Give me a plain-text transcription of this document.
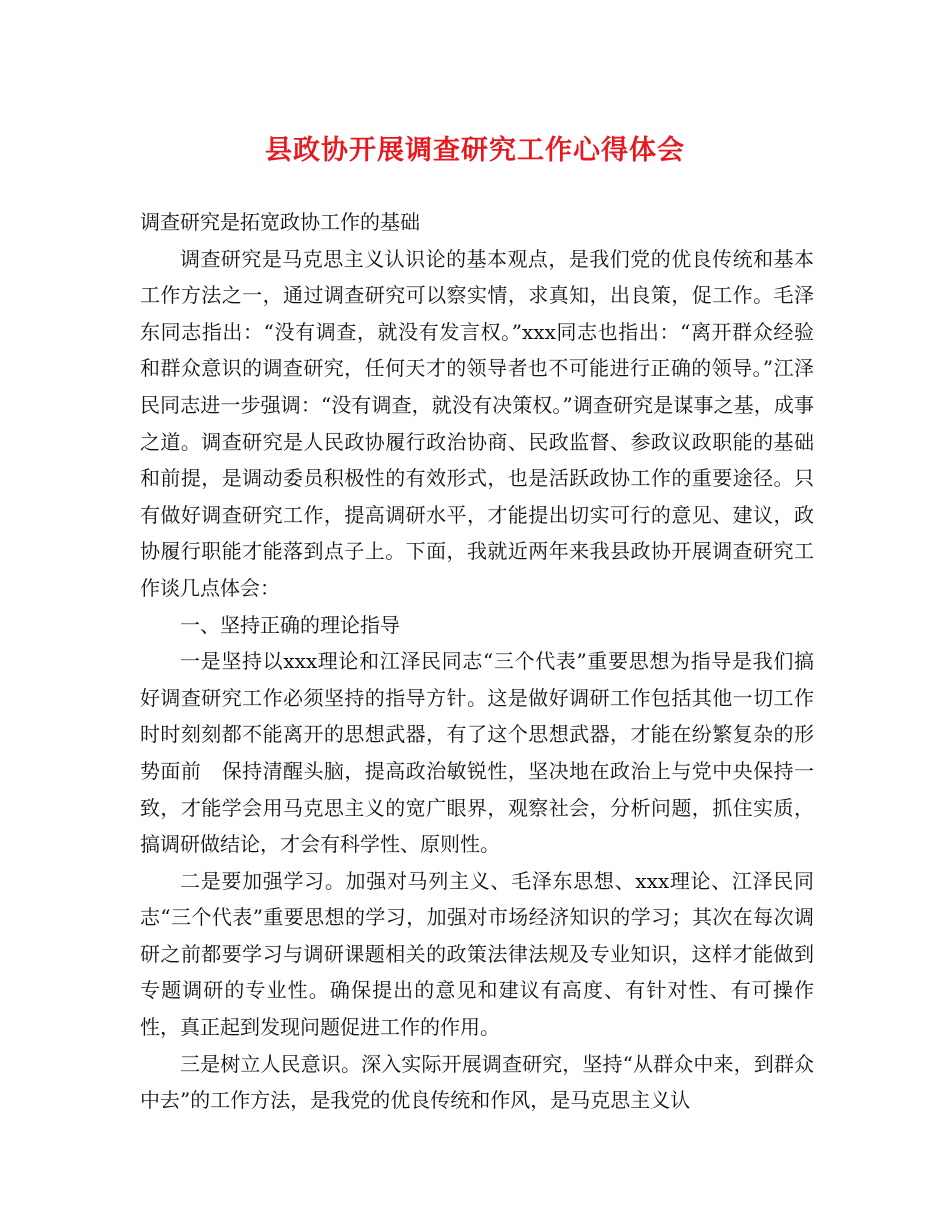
县政协开展调查研究工作心得体会

调查研究是拓宽政协工作的基础

调查研究是马克思主义认识论的基本观点，是我们党的优良传统和基本工作方法之一，通过调查研究可以察实情，求真知，出良策，促工作。毛泽东同志指出：“没有调查，就没有发言权。”xxx同志也指出：“离开群众经验和群众意识的调查研究，任何天才的领导者也不可能进行正确的领导。”江泽民同志进一步强调：“没有调查，就没有决策权。”调查研究是谋事之基，成事之道。调查研究是人民政协履行政治协商、民政监督、参政议政职能的基础和前提，是调动委员积极性的有效形式，也是活跃政协工作的重要途径。只有做好调查研究工作，提高调研水平，才能提出切实可行的意见、建议，政协履行职能才能落到点子上。下面，我就近两年来我县政协开展调查研究工作谈几点体会：

一、坚持正确的理论指导

一是坚持以xxx理论和江泽民同志“三个代表”重要思想为指导是我们搞好调查研究工作必须坚持的指导方针。这是做好调研工作包括其他一切工作时时刻刻都不能离开的思想武器，有了这个思想武器，才能在纷繁复杂的形势面前　保持清醒头脑，提高政治敏锐性，坚决地在政治上与党中央保持一致，才能学会用马克思主义的宽广眼界，观察社会，分析问题，抓住实质，搞调研做结论，才会有科学性、原则性。

二是要加强学习。加强对马列主义、毛泽东思想、xxx理论、江泽民同志“三个代表”重要思想的学习，加强对市场经济知识的学习；其次在每次调研之前都要学习与调研课题相关的政策法律法规及专业知识，这样才能做到专题调研的专业性。确保提出的意见和建议有高度、有针对性、有可操作性，真正起到发现问题促进工作的作用。

三是树立人民意识。深入实际开展调查研究，坚持“从群众中来，到群众中去”的工作方法，是我党的优良传统和作风，是马克思主义认
